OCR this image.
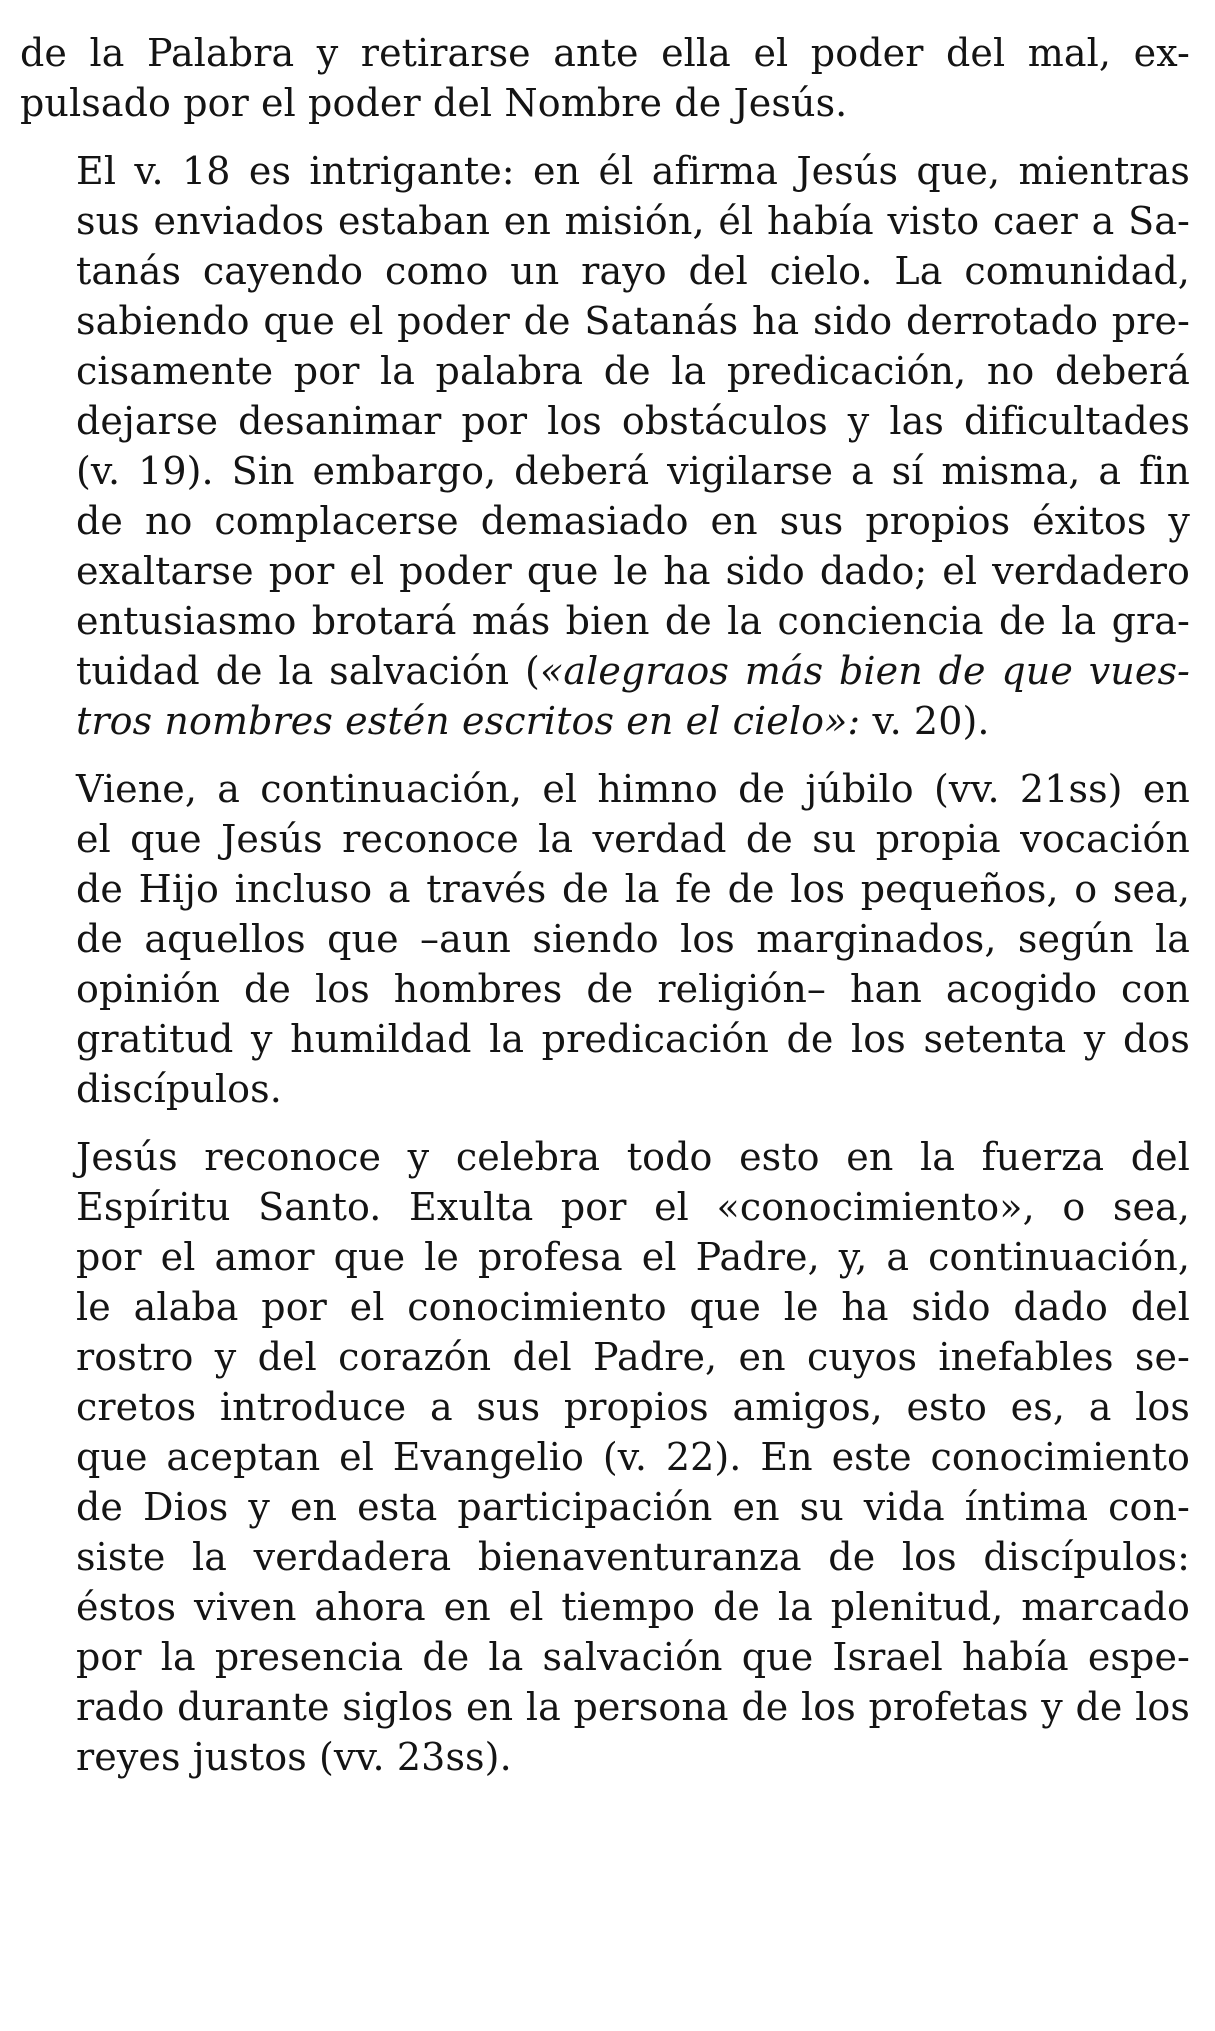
de la Palabra y retirarse ante ella el poder del mal, ex-
pulsado por el poder del Nombre de Jesús.

El v. 18 es intrigante: en él afirma Jesús que, mientras
sus enviados estaban en misión, él había visto caer a Sa-
tanás cayendo como un rayo del cielo. La comunidad,
sabiendo que el poder de Satanás ha sido derrotado pre-
cisamente por la palabra de la predicación, no deberá
dejarse desanimar por los obstáculos y las dificultades
(v. 19). Sin embargo, deberá vigilarse a sí misma, a fin
de no complacerse demasiado en sus propios éxitos y
exaltarse por el poder que le ha sido dado; el verdadero
entusiasmo brotará más bien de la conciencia de la gra-
tuidad de la salvación («alegraos más bien de que vues-
tros nombres estén escritos en el cielo»: v. 20).

Viene, a continuación, el himno de júbilo (vv. 21ss) en
el que Jesús reconoce la verdad de su propia vocación
de Hijo incluso a través de la fe de los pequeños, o sea,
de aquellos que –aun siendo los marginados, según la
opinión de los hombres de religión– han acogido con
gratitud y humildad la predicación de los setenta y dos
discípulos.

Jesús reconoce y celebra todo esto en la fuerza del
Espíritu Santo. Exulta por el «conocimiento», o sea,
por el amor que le profesa el Padre, y, a continuación,
le alaba por el conocimiento que le ha sido dado del
rostro y del corazón del Padre, en cuyos inefables se-
cretos introduce a sus propios amigos, esto es, a los
que aceptan el Evangelio (v. 22). En este conocimiento
de Dios y en esta participación en su vida íntima con-
siste la verdadera bienaventuranza de los discípulos:
éstos viven ahora en el tiempo de la plenitud, marcado
por la presencia de la salvación que Israel había espe-
rado durante siglos en la persona de los profetas y de los
reyes justos (vv. 23ss).
